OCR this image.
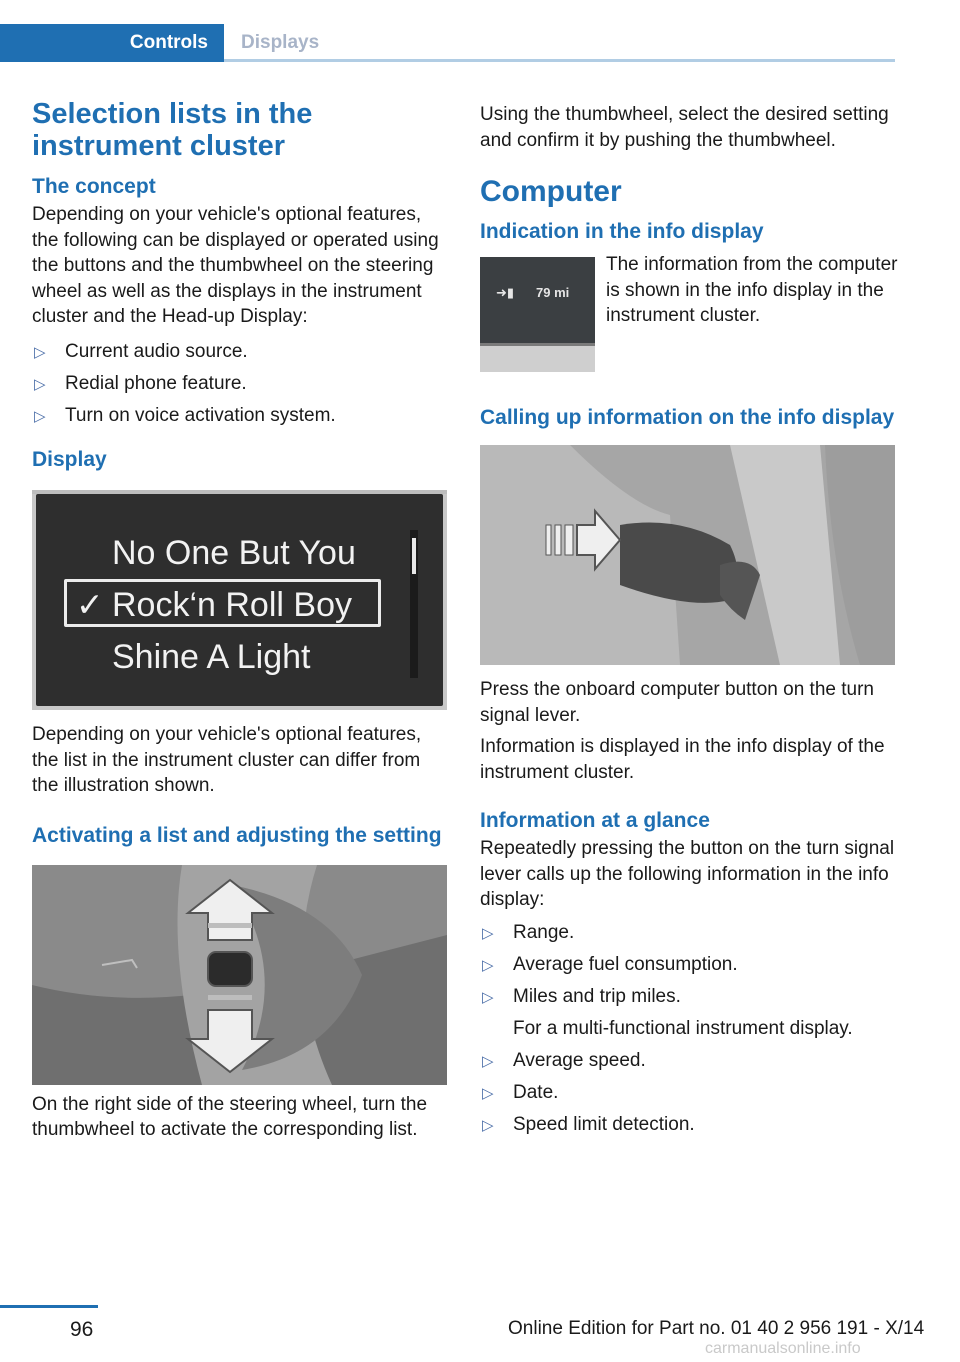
Controls	Displays
Selection lists in the instrument cluster
The concept

Depending on your vehicle's optional features, the following can be displayed or operated using the buttons and the thumbwheel on the steering wheel as well as the displays in the instrument cluster and the Head-up Display:

▷ Current audio source.
▷ Redial phone feature.
▷ Turn on voice activation system.
Display
No One But You
✓ Rock‘n Roll Boy
Shine A Light

Depending on your vehicle's optional features, the list in the instrument cluster can differ from the illustration shown.

Activating a list and adjusting the setting

On the right side of the steering wheel, turn the thumbwheel to activate the corresponding list.

Using the thumbwheel, select the desired setting and confirm it by pushing the thumbwheel.

Computer
Indication in the info display
➜▮ 79 mi

The information from the computer is shown in the info display in the instrument cluster.

Calling up information on the info display

Press the onboard computer button on the turn signal lever.

Information is displayed in the info display of the instrument cluster.

Information at a glance

Repeatedly pressing the button on the turn signal lever calls up the following information in the info display:

▷ Range.
▷ Average fuel consumption.
▷ Miles and trip miles.
For a multi-functional instrument display.
▷ Average speed.
▷ Date.
▷ Speed limit detection.
96	Online Edition for Part no. 01 40 2 956 191 - X/14
carmanualsonline.info
